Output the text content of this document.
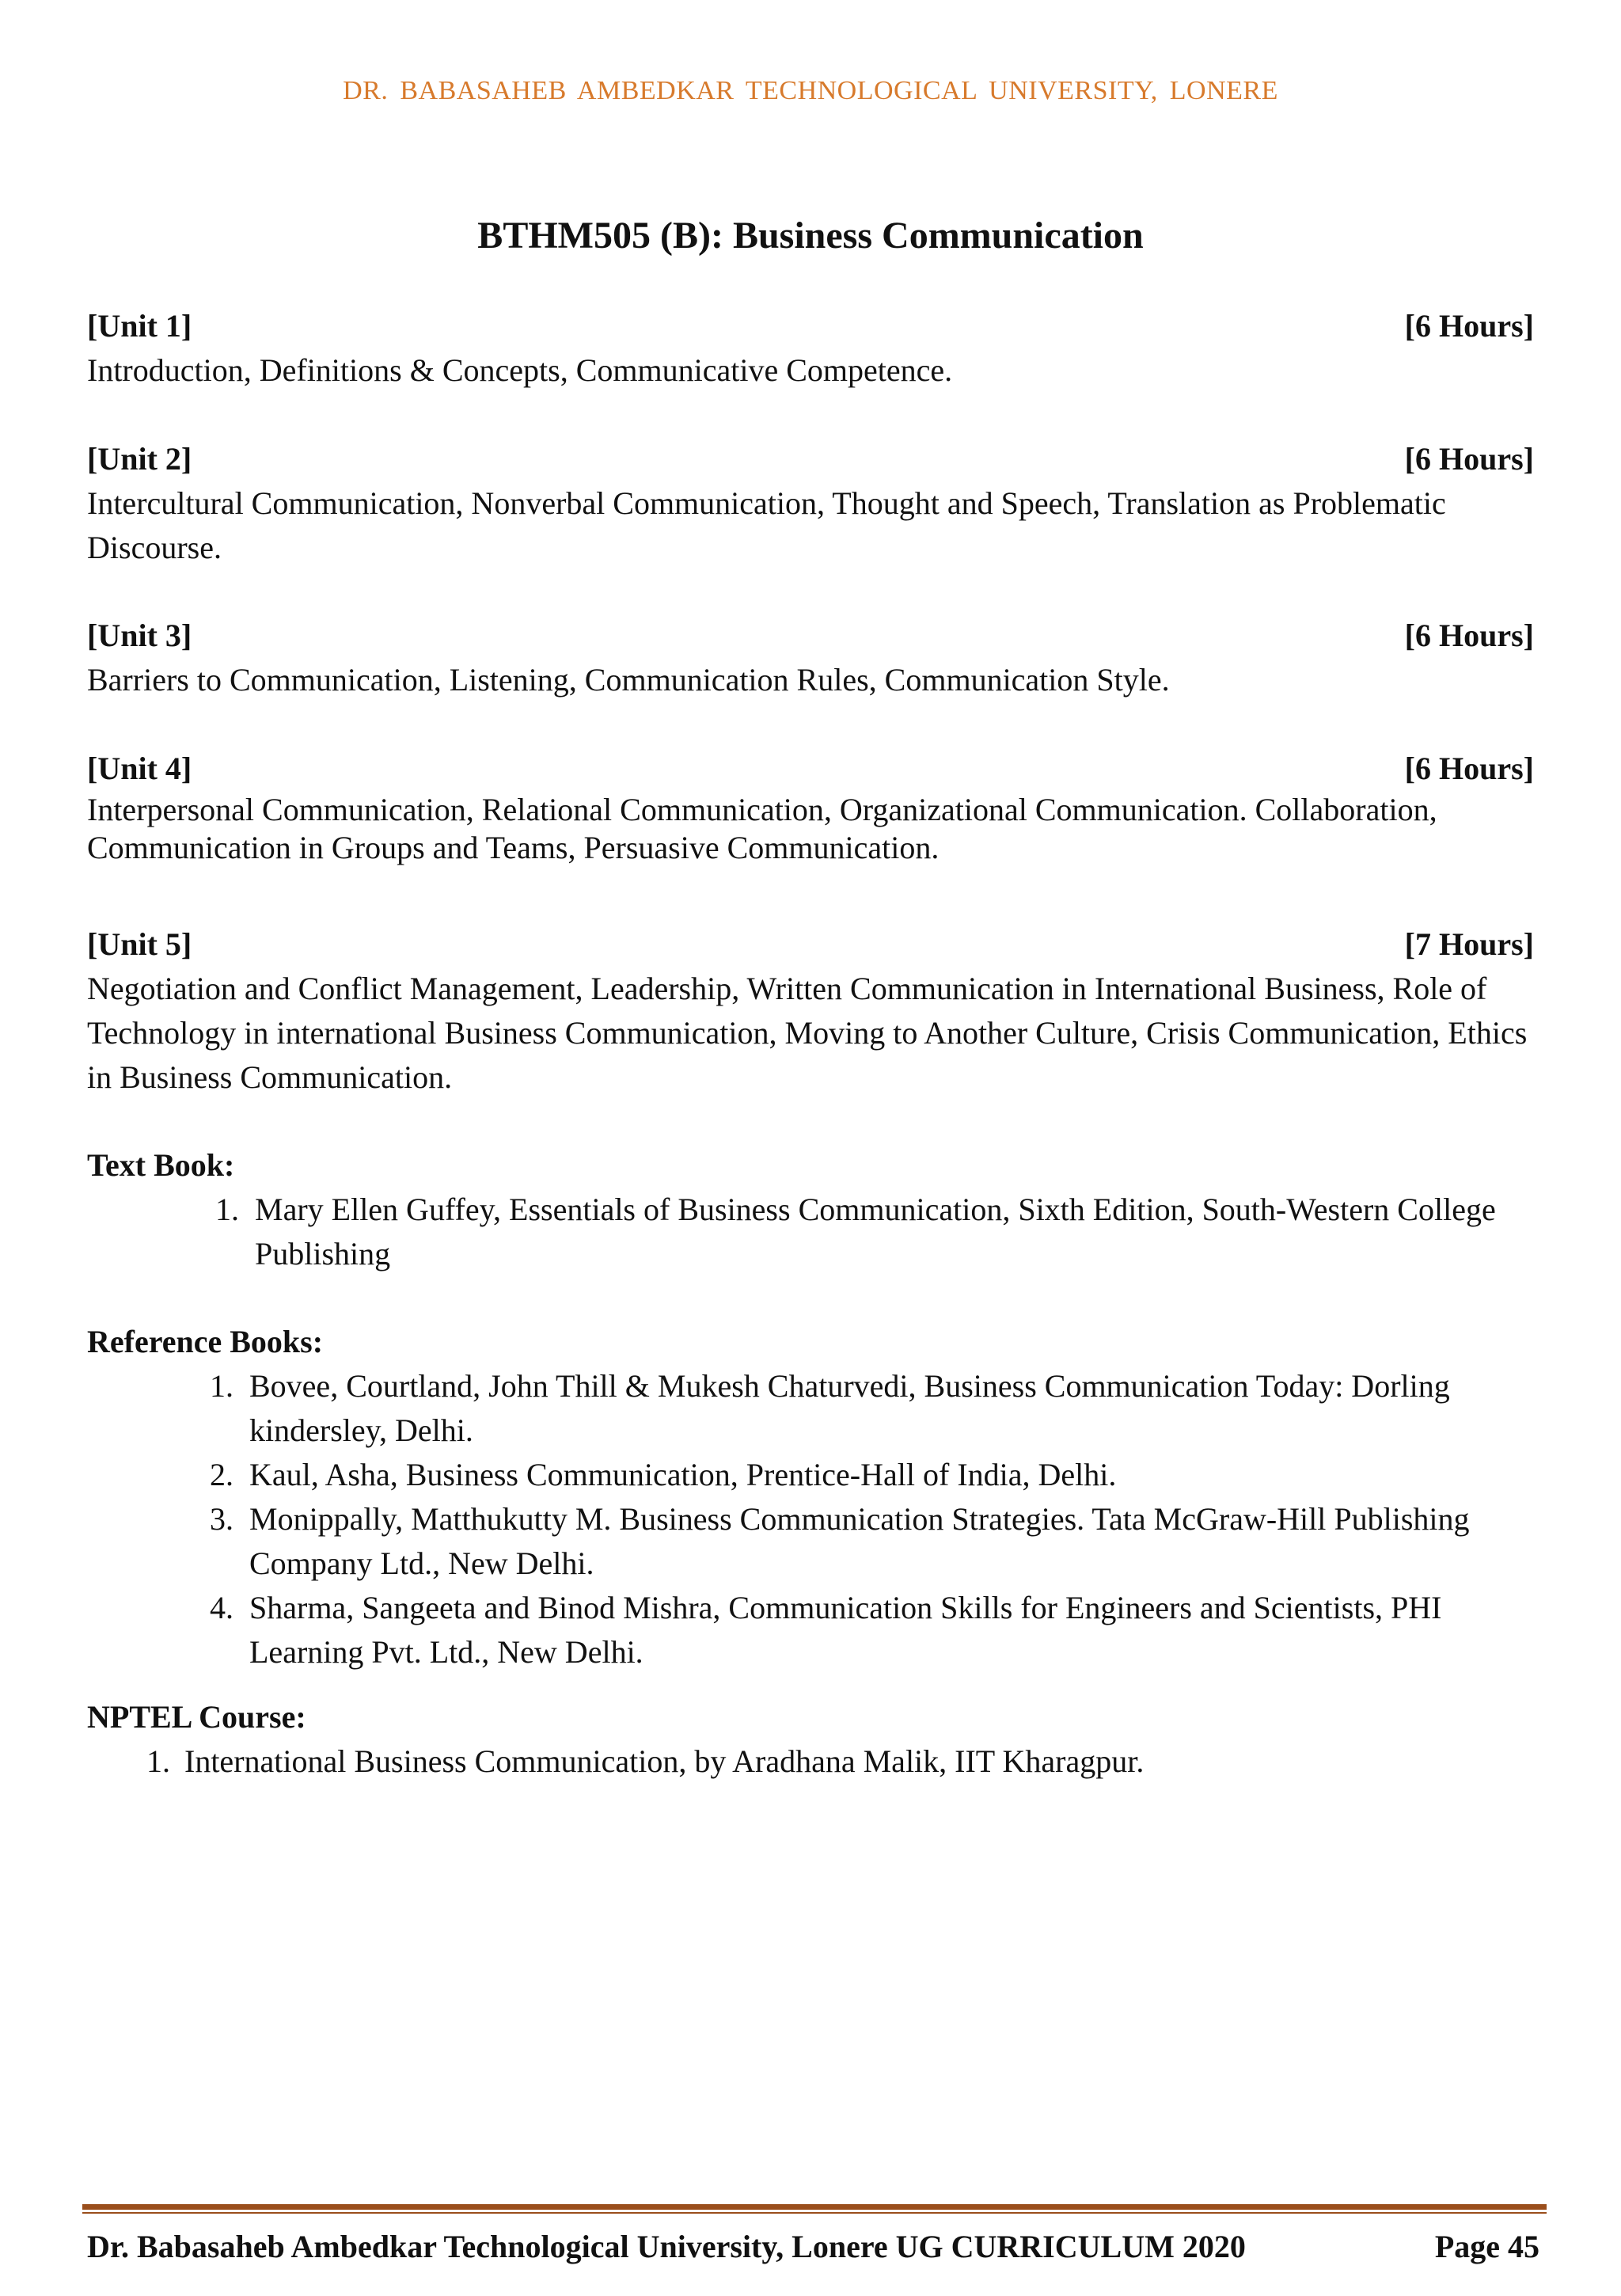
DR. BABASAHEB AMBEDKAR TECHNOLOGICAL UNIVERSITY, LONERE
BTHM505 (B): Business Communication
[Unit 1]	[6 Hours]

Introduction, Definitions & Concepts, Communicative Competence.

[Unit 2]	[6 Hours]

Intercultural Communication, Nonverbal Communication, Thought and Speech, Translation as Problematic Discourse.

[Unit 3]	[6 Hours]

Barriers to Communication, Listening, Communication Rules, Communication Style.

[Unit 4]	[6 Hours]

Interpersonal Communication, Relational Communication, Organizational Communication. Collaboration, Communication in Groups and Teams, Persuasive Communication.

[Unit 5]	[7 Hours]

Negotiation and Conflict Management, Leadership, Written Communication in International Business, Role of Technology in international Business Communication, Moving to Another Culture, Crisis Communication, Ethics in Business Communication.

Text Book:
1. Mary Ellen Guffey, Essentials of Business Communication, Sixth Edition, South-Western College Publishing
Reference Books:
1. Bovee, Courtland, John Thill & Mukesh Chaturvedi, Business Communication Today: Dorling kindersley, Delhi.
2. Kaul, Asha, Business Communication, Prentice-Hall of India, Delhi.
3. Monippally, Matthukutty M. Business Communication Strategies. Tata McGraw-Hill Publishing Company Ltd., New Delhi.
4. Sharma, Sangeeta and Binod Mishra, Communication Skills for Engineers and Scientists, PHI Learning Pvt. Ltd., New Delhi.
NPTEL Course:
1. International Business Communication, by Aradhana Malik, IIT Kharagpur.
Dr. Babasaheb Ambedkar Technological University, Lonere UG CURRICULUM 2020	Page 45
